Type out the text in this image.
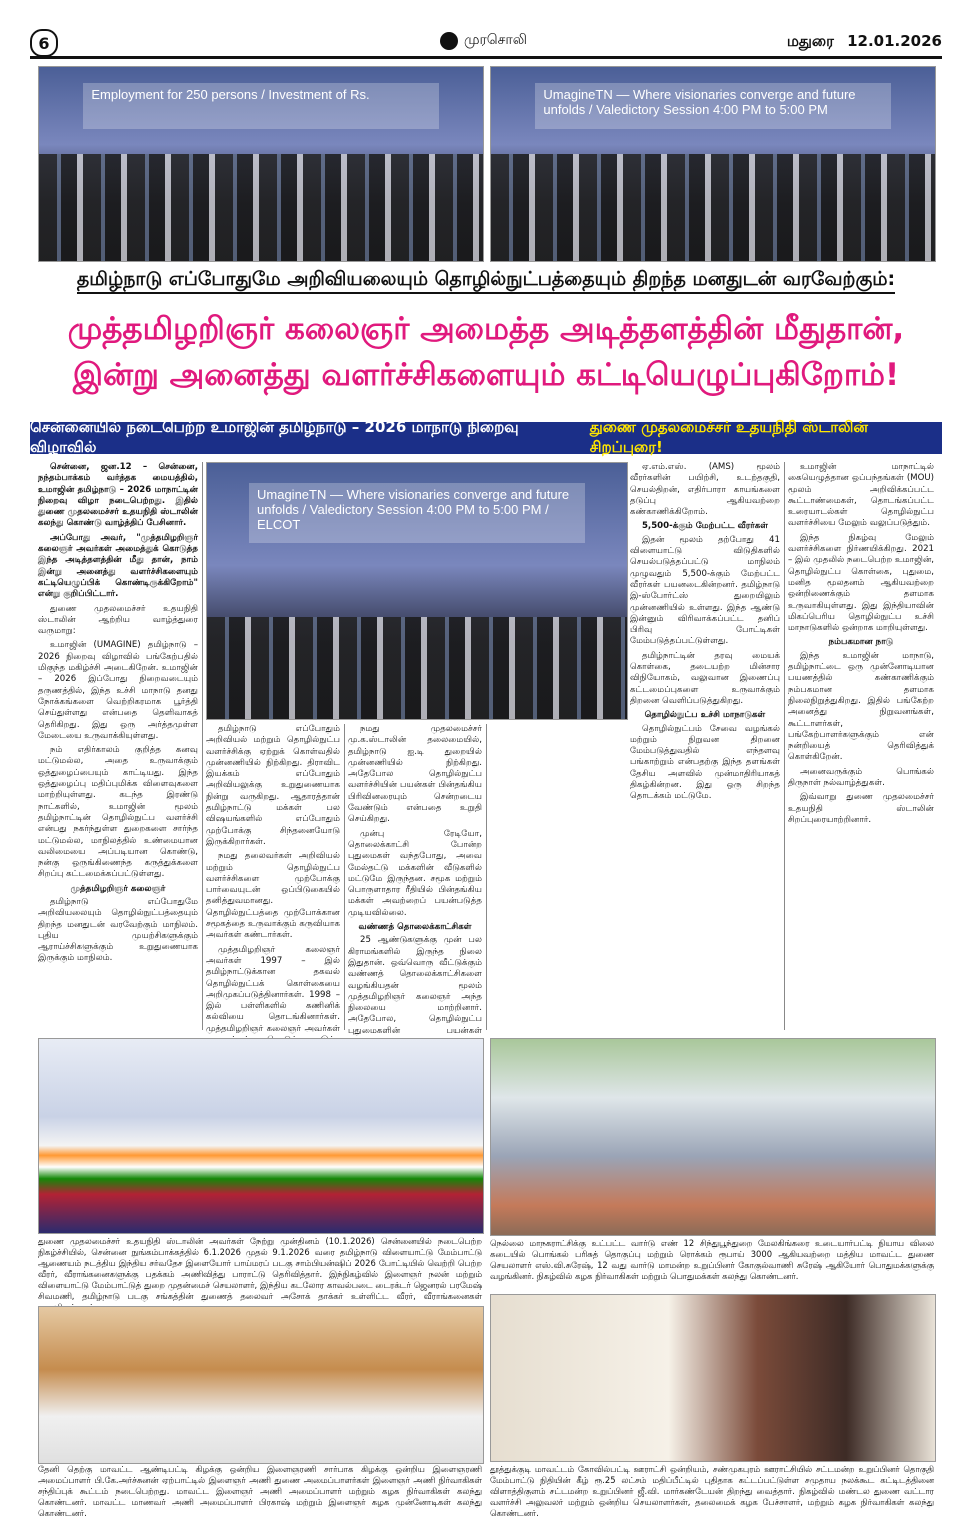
6	முரசொலி	மதுரை 12.01.2026
Employment for 250 persons / Investment of Rs.	UmagineTN — Where visionaries converge and future unfolds / Valedictory Session 4:00 PM to 5:00 PM
தமிழ்நாடு எப்போதுமே அறிவியலையும் தொழில்நுட்பத்தையும் திறந்த மனதுடன் வரவேற்கும்:
முத்தமிழறிஞர் கலைஞர் அமைத்த அடித்தளத்தின் மீதுதான்,
இன்று அனைத்து வளர்ச்சிகளையும் கட்டியெழுப்புகிறோம்!
சென்னையில் நடைபெற்ற உமாஜின் தமிழ்நாடு – 2026 மாநாடு நிறைவு விழாவில்
துணை முதலமைச்சர் உதயநிதி ஸ்டாலின் சிறப்புரை!

சென்னை, ஜன.12 – சென்னை, நந்தம்பாக்கம் வர்த்தக மையத்தில், உமாஜின் தமிழ்நாடு – 2026 மாநாட்டின் நிறைவு விழா நடைபெற்றது. இதில் துணை முதலமைச்சர் உதயநிதி ஸ்டாலின் கலந்து கொண்டு வாழ்த்திப் பேசினார்.

அப்போது அவர், "முத்தமிழறிஞர் கலைஞர் அவர்கள் அமைத்துக் கொடுத்த இந்த அடித்தளத்தின் மீது தான், நாம் இன்று அனைத்து வளர்ச்சிகளையும் கட்டியெழுப்பிக் கொண்டிருக்கிறோம்" என்று குறிப்பிட்டார்.

துணை முதலமைச்சர் உதயநிதி ஸ்டாலின் ஆற்றிய வாழ்த்துரை வருமாறு:

உமாஜின் (UMAGINE) தமிழ்நாடு – 2026 நிறைவு விழாவில் பங்கேற்பதில் மிகுந்த மகிழ்ச்சி அடைகிறேன். உமாஜின் – 2026 இப்போது நிறைவடையும் தருணத்தில், இந்த உச்சி மாநாடு தனது நோக்கங்களை வெற்றிகரமாக பூர்த்தி செய்துள்ளது என்பதை தெளிவாகத் தெரிகிறது. இது ஒரு அர்த்தமுள்ள மேடையை உருவாக்கியுள்ளது.

நம் எதிர்காலம் குறித்த கனவு மட்டுமல்ல, அதை உருவாக்கும் ஒத்துழைப்பையும் காட்டியது. இந்த ஒத்துழைப்பு மதிப்புமிக்க விளைவுகளை மாற்றியுள்ளது. கடந்த இரண்டு நாட்களில், உமாஜின் மூலம் தமிழ்நாட்டின் தொழில்நுட்ப வளர்ச்சி என்பது நகர்ந்துள்ள துறைகளை சார்ந்த மட்டுமல்ல, மாநிலத்தில் உண்மையான வலிமையை அப்படியான கொண்டு, நன்கு ஒருங்கிணைந்த கருத்துக்களை சிறப்பு கட்டமைக்கப்பட்டுள்ளது.

முத்தமிழறிஞர் கலைஞர்

தமிழ்நாடு எப்போதுமே அறிவியலையும் தொழில்நுட்பத்தையும் திறந்த மனதுடன் வரவேற்கும் மாநிலம். புதிய முயற்சிகளுக்கும் ஆராய்ச்சிகளுக்கும் உறுதுணையாக இருக்கும் மாநிலம்.

UmagineTN — Where visionaries converge and future unfolds / Valedictory Session 4:00 PM to 5:00 PM / ELCOT

தமிழ்நாடு எப்போதும் அறிவியல் மற்றும் தொழில்நுட்ப வளர்ச்சிக்கு ஏற்றுக் கொள்வதில் முன்னணியில் நிற்கிறது. திராவிட இயக்கம் எப்போதும் அறிவியலுக்கு உறுதுணையாக நின்று வருகிறது. ஆதாரத்தான் தமிழ்நாட்டு மக்கள் பல விஷயங்களில் எப்போதும் முற்போக்கு சிந்தனையோடு இருக்கிறார்கள்.

நமது தலைவர்கள் அறிவியல் மற்றும் தொழில்நுட்ப வளர்ச்சிகளை முற்போக்கு பார்வையுடன் ஒப்பிடுகையில் தனித்துவமானது. தொழில்நுட்பத்தை முற்போக்கான சமூகத்தை உருவாக்கும் கருவியாக அவர்கள் கண்டார்கள்.

முத்தமிழறிஞர் கலைஞர் அவர்கள் 1997 – இல் தமிழ்நாட்டுக்கான தகவல் தொழில்நுட்பக் கொள்கையை அறிமுகப்படுத்தினார்கள். 1998 – இல் பள்ளிகளில் கணினிக் கல்வியை தொடங்கினார்கள். முத்தமிழறிஞர் கலைஞர் அவர்கள்

நமது முதலமைச்சர் மு.க.ஸ்டாலின் தலைமையில், தமிழ்நாடு ஐ.டி துறையில் முன்னணியில் நிற்கிறது. அதேபோல தொழில்நுட்ப வளர்ச்சியின் பயன்கள் பின்தங்கிய பிரிவினரையும் சென்றடைய வேண்டும் என்பதை உறுதி செய்கிறது.

முன்பு ரேடியோ, தொலைக்காட்சி போன்ற புதுமைகள் வந்தபோது, அவை மேல்தட்டு மக்களின் வீடுகளில் மட்டுமே இருந்தன. சமூக மற்றும் பொருளாதார ரீதியில் பின்தங்கிய மக்கள் அவற்றைப் பயன்படுத்த முடியவில்லை.

வண்ணத் தொலைக்காட்சிகள்

25 ஆண்டுகளுக்கு முன் பல கிராமங்களில் இருந்த நிலை இதுதான். ஒவ்வொரு வீட்டுக்கும் வண்ணத் தொலைக்காட்சிகளை வழங்கியதன் மூலம் முத்தமிழறிஞர் கலைஞர் அந்த நிலையை மாற்றினார். அதேபோல, தொழில்நுட்ப புதுமைகளின் பயன்கள்

ஏ.எம்.எஸ். (AMS) மூலம் வீரர்களின் பயிற்சி, உடற்தகுதி, செயல்திறன், எதிர்பாரா காயங்களை தடுப்பு ஆகியவற்றை கண்காணிக்கிறோம்.

5,500-க்கும் மேற்பட்ட வீரர்கள்

இதன் மூலம் தற்போது 41 விளையாட்டு விடுதிகளில் செயல்படுத்தப்பட்டு மாநிலம் முழுவதும் 5,500-க்கும் மேற்பட்ட வீரர்கள் பயனடைகின்றனர். தமிழ்நாடு இ-ஸ்போர்ட்ஸ் துறையிலும் முன்னணியில் உள்ளது. இந்த ஆண்டு இன்னும் விரிவாக்கப்பட்ட தனிப் பிரிவு போட்டிகள் மேம்படுத்தப்பட்டுள்ளது.

தமிழ்நாட்டின் தரவு மையக் கொள்கை, தடையற்ற மின்சார விநியோகம், வலுவான இணைப்பு கட்டமைப்புகளை உருவாக்கும் திறனை வெளிப்படுத்துகிறது.

தொழில்நுட்ப உச்சி மாநாடுகள்

தொழில்நுட்பம் சேவை வழங்கல் மற்றும் நிறுவன திறனை மேம்படுத்துவதில் எந்தளவு பங்காற்றும் என்பதற்கு இந்த தளங்கள் தேசிய அளவில் முன்மாதிரியாகத் திகழ்கின்றன. இது ஒரு சிறந்த தொடக்கம் மட்டுமே.

உமாஜின் மாநாட்டில் கையெழுத்தான ஒப்பந்தங்கள் (MOU) மூலம் அறிவிக்கப்பட்ட கூட்டாண்மைகள், தொடங்கப்பட்ட உரையாடல்கள் தொழில்நுட்ப வளர்ச்சியை மேலும் வலுப்படுத்தும்.

இந்த நிகழ்வு மேலும் வளர்ச்சிகளை நிர்ணயிக்கிறது. 2021 – இல் முதலில் நடைபெற்ற உமாஜின், தொழில்நுட்ப கொள்கை, புதுமை, மனித மூலதனம் ஆகியவற்றை ஒன்றிணைக்கும் தளமாக உருவாகியுள்ளது. இது இந்தியாவின் மிகப்பெரிய தொழில்நுட்ப உச்சி மாநாடுகளில் ஒன்றாக மாறியுள்ளது.

நம்பகமான நாடு

இந்த உமாஜின் மாநாடு, தமிழ்நாட்டை ஒரு முன்னோடியான பயணத்தில் கண்காணிக்கும் நம்பகமான தளமாக நிலைநிறுத்துகிறது. இதில் பங்கேற்ற அனைத்து நிறுவனங்கள், கூட்டாளர்கள், பங்கேற்பாளர்களுக்கும் என் நன்றியைத் தெரிவித்துக் கொள்கிறேன்.

அனைவருக்கும் பொங்கல் திருநாள் நல்வாழ்த்துகள்.

இவ்வாறு துணை முதலமைச்சர் உதயநிதி ஸ்டாலின் சிறப்புரையாற்றினார்.

துணை முதலமைச்சர் உதயநிதி ஸ்டாலின் அவர்கள் நேற்று முன்தினம் (10.1.2026) சென்னையில் நடைபெற்ற நிகழ்ச்சியில், சென்னை நுங்கம்பாக்கத்தில் 6.1.2026 முதல் 9.1.2026 வரை தமிழ்நாடு விளையாட்டு மேம்பாட்டு ஆணையம் நடத்திய இந்திய சர்வதேச இளையோர் பாய்மரப் படகு சாம்பியன்ஷிப் 2026 போட்டியில் வெற்றி பெற்ற வீரர், வீராங்கனைகளுக்கு பதக்கம் அணிவித்து பாராட்டு தெரிவித்தார். இந்நிகழ்வில் இளைஞர் நலன் மற்றும் விளையாட்டு மேம்பாட்டுத் துறை முதன்மைச் செயலாளர், இந்திய கடலோர காவல்படை டைரக்டர் ஜெனரல் பரமேஷ் சிவமணி, தமிழ்நாடு படகு சங்கத்தின் துணைத் தலைவர் அசோக் தாக்கர் உள்ளிட்ட வீரர், வீராங்கனைகள்
நெல்லை மாநகராட்சிக்கு உட்பட்ட வார்டு எண் 12 சிந்துபூந்துறை மேலகிங்கரை உடையார்பட்டி நியாய விலை கடையில் பொங்கல் பரிசுத் தொகுப்பு மற்றும் ரொக்கம் ரூபாய் 3000 ஆகியவற்றை மத்திய மாவட்ட துணை செயலாளர் எஸ்.வி.சுரேஷ், 12 வது வார்டு மாமன்ற உறுப்பினர் கோகுல்வாணி சுரேஷ் ஆகியோர் பொதுமக்களுக்கு வழங்கினர். நிகழ்வில் கழக நிர்வாகிகள் மற்றும் பொதுமக்கள் கலந்து கொண்டனர்.
தேனி தெற்கு மாவட்ட ஆண்டிபட்டி கிழக்கு ஒன்றிய இளைஞரணி சார்பாக கிழக்கு ஒன்றிய இளைஞரணி அமைப்பாளர் பி.கே.அர்ச்சுனன் ஏற்பாட்டில் இளைஞர் அணி துணை அமைப்பாளர்கள் இளைஞர் அணி நிர்வாகிகள் சந்திப்புக் கூட்டம் நடைபெற்றது. மாவட்ட இளைஞர் அணி அமைப்பாளர் மற்றும் கழக நிர்வாகிகள் கலந்து கொண்டனர். மாவட்ட மாணவர் அணி அமைப்பாளர் பிரகாஷ் மற்றும் இளைஞர் கழக முன்னோடிகள் கலந்து கொண்டனர்.
தூத்துக்குடி மாவட்டம் கோவில்பட்டி ஊராட்சி ஒன்றியம், சண்முகபுரம் ஊராட்சியில் சட்டமன்ற உறுப்பினர் தொகுதி மேம்பாட்டு நிதியின் கீழ் ரூ.25 லட்சம் மதிப்பீட்டில் புதிதாக கட்டப்பட்டுள்ள சமுதாய நலக்கூட கட்டிடத்தினை விளாத்திகுளம் சட்டமன்ற உறுப்பினர் ஜீ.வி. மார்கண்டேயன் திறந்து வைத்தார். நிகழ்வில் மண்டல துணை வட்டார வளர்ச்சி அலுவலர் மற்றும் ஒன்றிய செயலாளர்கள், தலைமைக் கழக பேச்சாளர், மற்றும் கழக நிர்வாகிகள் கலந்து கொண்டனர்.
